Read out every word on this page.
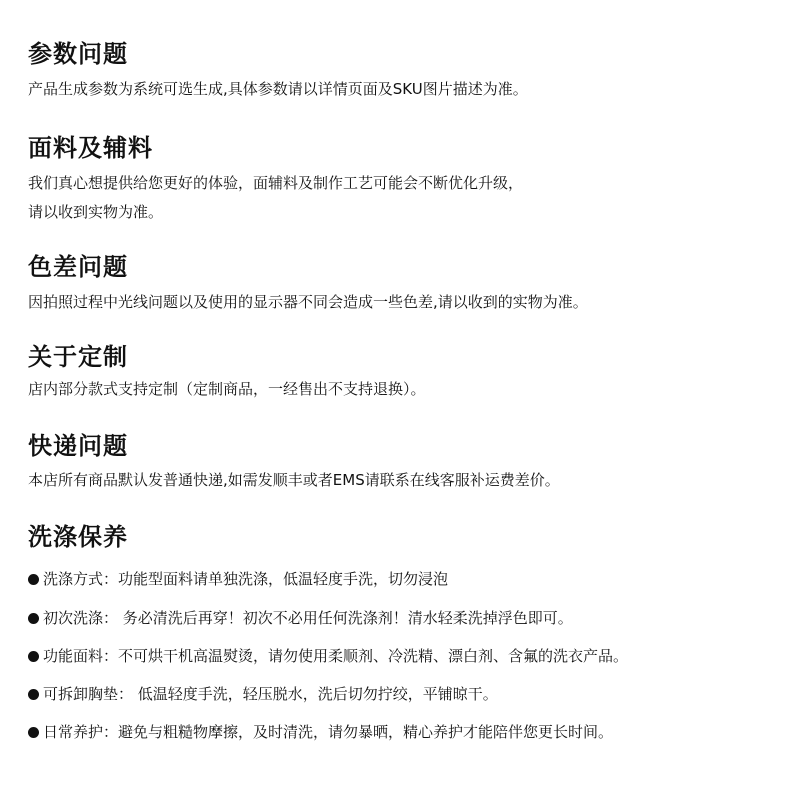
参数问题
产品生成参数为系统可选生成,具体参数请以详情页面及SKU图片描述为准。
面料及辅料
我们真心想提供给您更好的体验，面辅料及制作工艺可能会不断优化升级，
请以收到实物为准。
色差问题
因拍照过程中光线问题以及使用的显示器不同会造成一些色差,请以收到的实物为准。
关于定制
店内部分款式支持定制（定制商品，一经售出不支持退换）。
快递问题
本店所有商品默认发普通快递,如需发顺丰或者EMS请联系在线客服补运费差价。
洗涤保养
洗涤方式：功能型面料请单独洗涤，低温轻度手洗，切勿浸泡
初次洗涤： 务必清洗后再穿！初次不必用任何洗涤剂！清水轻柔洗掉浮色即可。
功能面料：不可烘干机高温熨烫，请勿使用柔顺剂、冷洗精、漂白剂、含氟的洗衣产品。
可拆卸胸垫： 低温轻度手洗，轻压脱水，洗后切勿拧绞，平铺晾干。
日常养护：避免与粗糙物摩擦，及时清洗，请勿暴晒，精心养护才能陪伴您更长时间。
